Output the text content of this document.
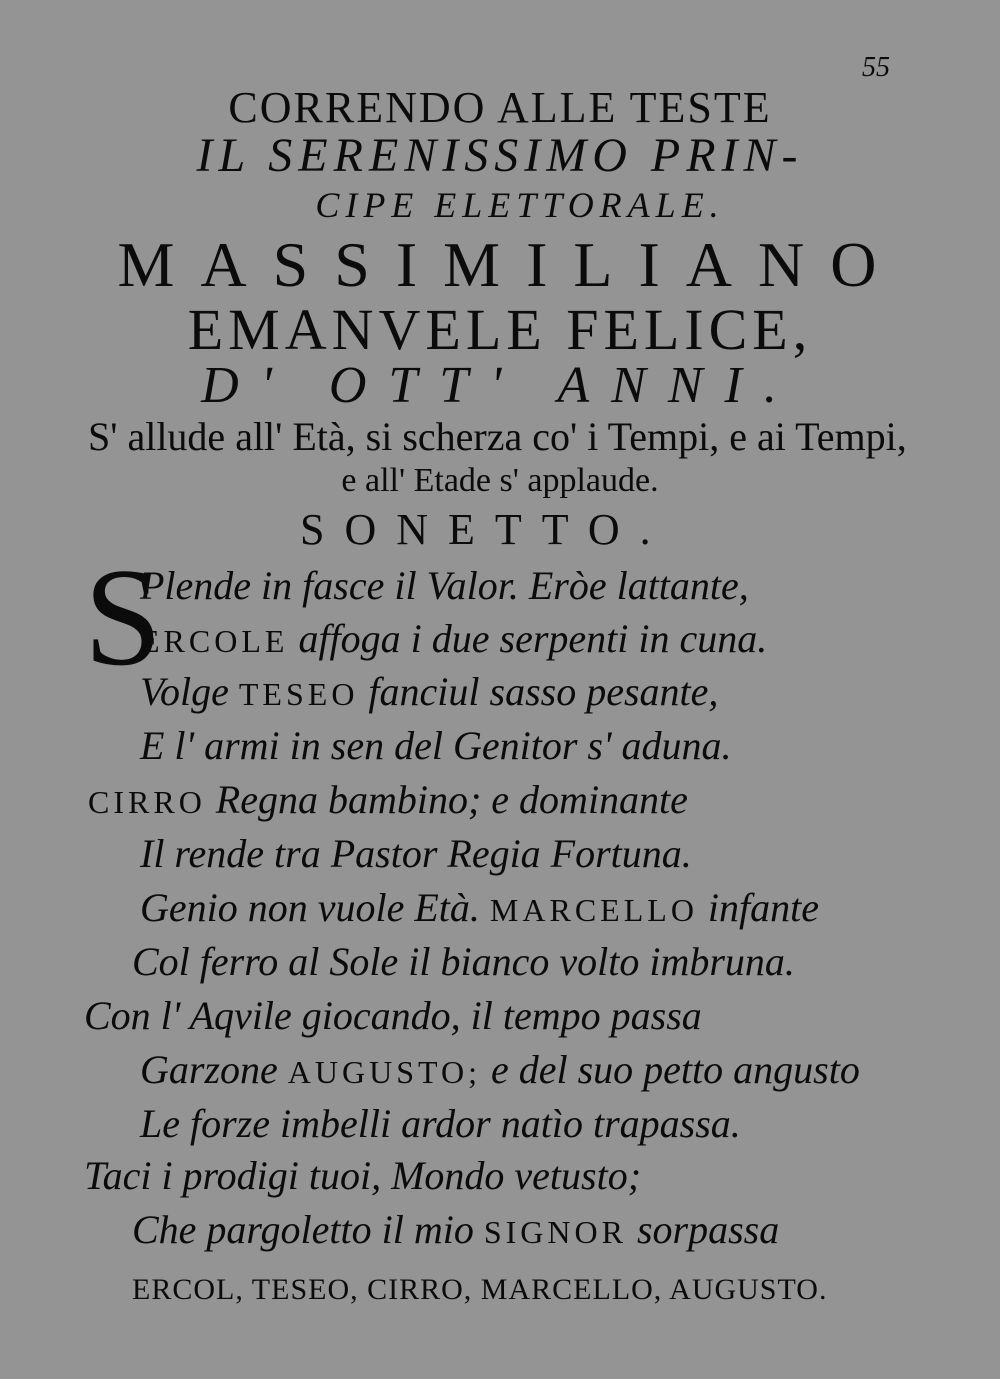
55
CORRENDO ALLE TESTE
IL SERENISSIMO PRIN-
CIPE ELETTORALE.
MASSIMILIANO
EMANVELE FELICE,
D' OTT' ANNI.
S' allude all' Età, si scherza co' i Tempi, e ai Tempi,
e all' Etade s' applaude.
SONETTO.
S
Plende in fasce il Valor. Eròe lattante,
ERCOLE affoga i due serpenti in cuna.
Volge TESEO fanciul sasso pesante,
E l' armi in sen del Genitor s' aduna.
CIRRO Regna bambino; e dominante
Il rende tra Pastor Regia Fortuna.
Genio non vuole Età. MARCELLO infante
Col ferro al Sole il bianco volto imbruna.
Con l' Aqvile giocando, il tempo passa
Garzone AUGUSTO; e del suo petto angusto
Le forze imbelli ardor natìo trapassa.
Taci i prodigi tuoi, Mondo vetusto;
Che pargoletto il mio SIGNOR sorpassa
ERCOL, TESEO, CIRRO, MARCELLO, AUGUSTO.
